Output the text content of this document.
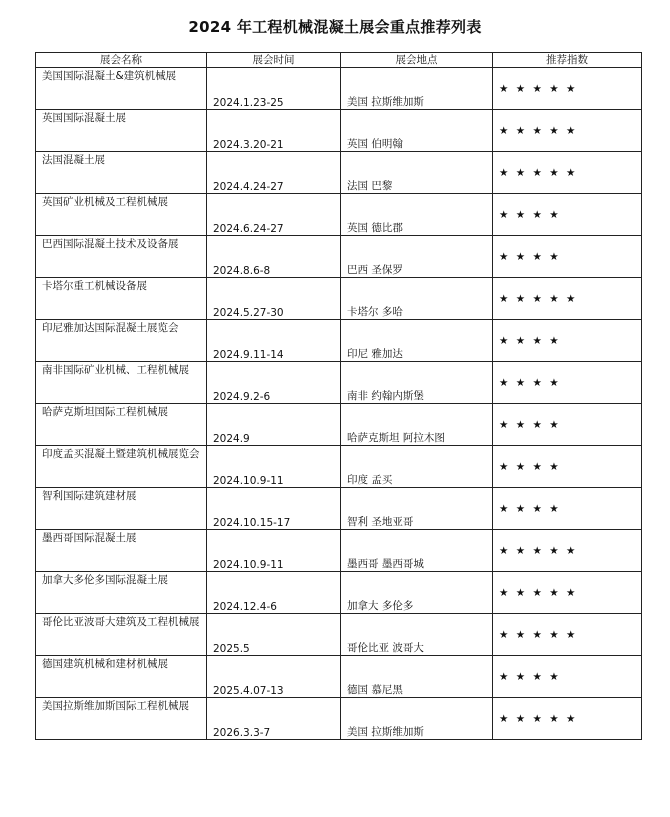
2024 年工程机械混凝土展会重点推荐列表
展会名称	展会时间	展会地点	推荐指数
美国国际混凝土&建筑机械展	2024.1.23-25	美国 拉斯维加斯	★ ★ ★ ★ ★
英国国际混凝土展	2024.3.20-21	英国 伯明翰	★ ★ ★ ★ ★
法国混凝土展	2024.4.24-27	法国 巴黎	★ ★ ★ ★ ★
英国矿业机械及工程机械展	2024.6.24-27	英国 德比郡	★ ★ ★ ★
巴西国际混凝土技术及设备展	2024.8.6-8	巴西 圣保罗	★ ★ ★ ★
卡塔尔重工机械设备展	2024.5.27-30	卡塔尔 多哈	★ ★ ★ ★ ★
印尼雅加达国际混凝土展览会	2024.9.11-14	印尼 雅加达	★ ★ ★ ★
南非国际矿业机械、工程机械展	2024.9.2-6	南非 约翰内斯堡	★ ★ ★ ★
哈萨克斯坦国际工程机械展	2024.9	哈萨克斯坦 阿拉木图	★ ★ ★ ★
印度孟买混凝土暨建筑机械展览会	2024.10.9-11	印度 孟买	★ ★ ★ ★
智利国际建筑建材展	2024.10.15-17	智利 圣地亚哥	★ ★ ★ ★
墨西哥国际混凝土展	2024.10.9-11	墨西哥 墨西哥城	★ ★ ★ ★ ★
加拿大多伦多国际混凝土展	2024.12.4-6	加拿大 多伦多	★ ★ ★ ★ ★
哥伦比亚波哥大建筑及工程机械展	2025.5	哥伦比亚 波哥大	★ ★ ★ ★ ★
德国建筑机械和建材机械展	2025.4.07-13	德国 慕尼黑	★ ★ ★ ★
美国拉斯维加斯国际工程机械展	2026.3.3-7	美国 拉斯维加斯	★ ★ ★ ★ ★
